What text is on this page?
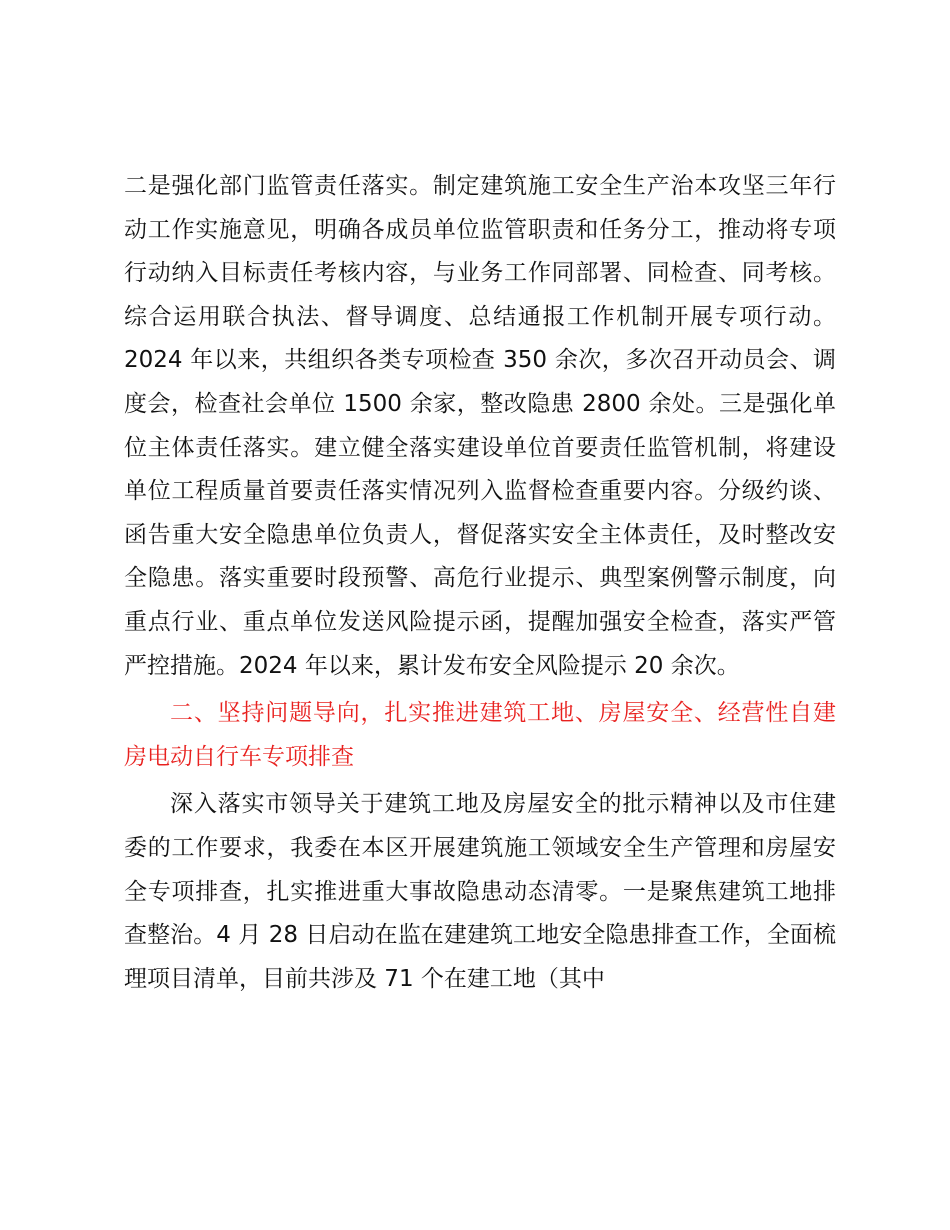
二是强化部门监管责任落实。制定建筑施工安全生产治本攻坚三年行动工作实施意见，明确各成员单位监管职责和任务分工，推动将专项行动纳入目标责任考核内容，与业务工作同部署、同检查、同考核。综合运用联合执法、督导调度、总结通报工作机制开展专项行动。2024 年以来，共组织各类专项检查 350 余次，多次召开动员会、调度会，检查社会单位 1500 余家，整改隐患 2800 余处。三是强化单位主体责任落实。建立健全落实建设单位首要责任监管机制，将建设单位工程质量首要责任落实情况列入监督检查重要内容。分级约谈、函告重大安全隐患单位负责人，督促落实安全主体责任，及时整改安全隐患。落实重要时段预警、高危行业提示、典型案例警示制度，向重点行业、重点单位发送风险提示函，提醒加强安全检查，落实严管严控措施。2024 年以来，累计发布安全风险提示 20 余次。

二、坚持问题导向，扎实推进建筑工地、房屋安全、经营性自建房电动自行车专项排查

深入落实市领导关于建筑工地及房屋安全的批示精神以及市住建委的工作要求，我委在本区开展建筑施工领域安全生产管理和房屋安全专项排查，扎实推进重大事故隐患动态清零。一是聚焦建筑工地排查整治。4 月 28 日启动在监在建建筑工地安全隐患排查工作，全面梳理项目清单，目前共涉及 71 个在建工地（其中
